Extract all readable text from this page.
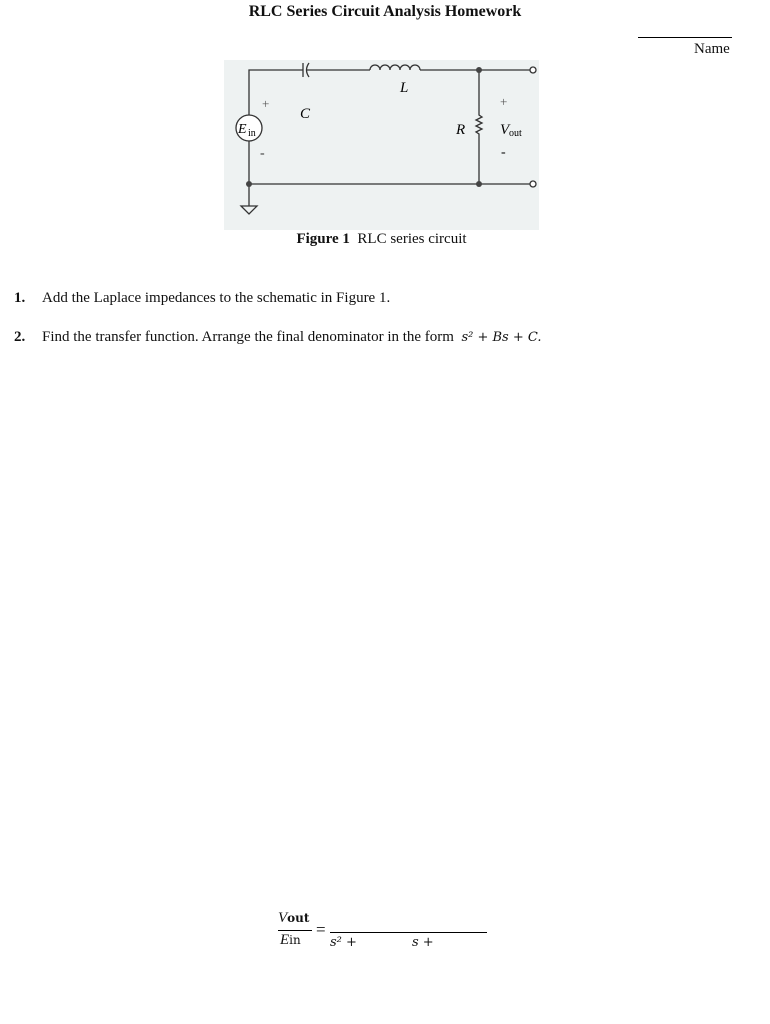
RLC Series Circuit Analysis Homework
Name
+
-
C
L
R
E in
+
V out
-
Figure 1 RLC series circuit
1. Add the Laplace impedances to the schematic in Figure 1.
2. Find the transfer function. Arrange the final denominator in the form s² + Bs + C.
Vout
Ein
=
s² +	s +
